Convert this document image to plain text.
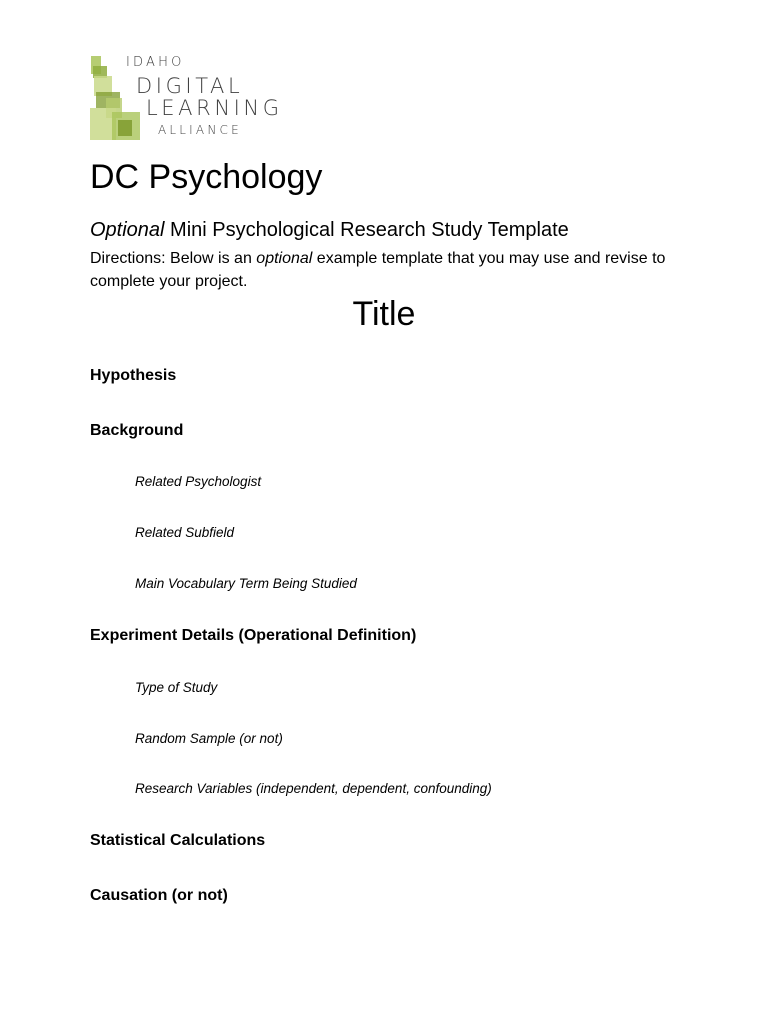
IDAHO
DIGITAL
LEARNING
ALLIANCE
DC Psychology
Optional Mini Psychological Research Study Template
Directions: Below is an optional example template that you may use and revise to complete your project.
Title
Hypothesis
Background
Related Psychologist
Related Subfield
Main Vocabulary Term Being Studied
Experiment Details (Operational Definition)
Type of Study
Random Sample (or not)
Research Variables (independent, dependent, confounding)
Statistical Calculations
Causation (or not)
